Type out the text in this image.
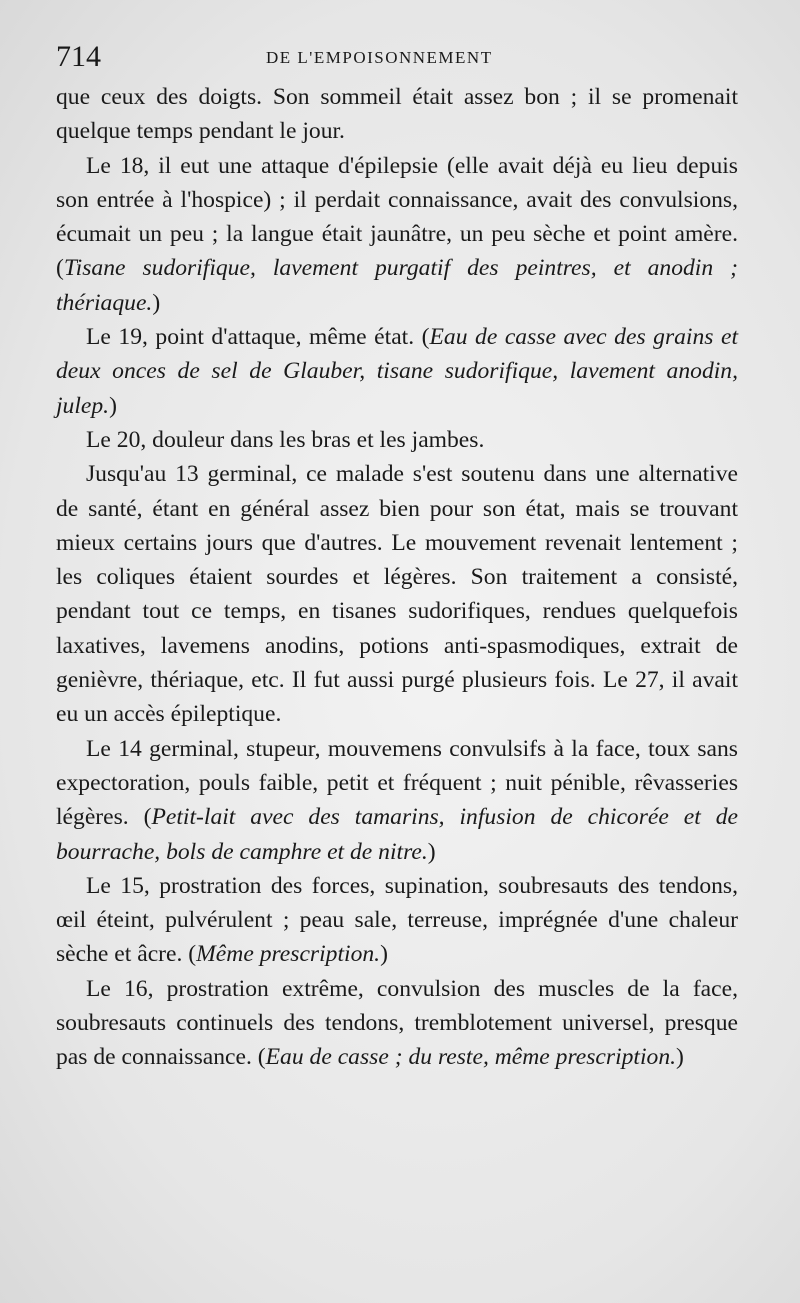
714	DE L'EMPOISONNEMENT

que ceux des doigts. Son sommeil était assez bon ; il se promenait quelque temps pendant le jour.

Le 18, il eut une attaque d'épilepsie (elle avait déjà eu lieu depuis son entrée à l'hospice) ; il perdait connaissance, avait des convulsions, écumait un peu ; la langue était jaunâtre, un peu sèche et point amère. (Tisane sudorifique, lavement purgatif des peintres, et anodin ; thériaque.)

Le 19, point d'attaque, même état. (Eau de casse avec des grains et deux onces de sel de Glauber, tisane sudorifique, lavement anodin, julep.)

Le 20, douleur dans les bras et les jambes.

Jusqu'au 13 germinal, ce malade s'est soutenu dans une alternative de santé, étant en général assez bien pour son état, mais se trouvant mieux certains jours que d'autres. Le mouvement revenait lentement ; les coliques étaient sourdes et légères. Son traitement a consisté, pendant tout ce temps, en tisanes sudorifiques, rendues quelquefois laxatives, lavemens anodins, potions anti-spasmodiques, extrait de genièvre, thériaque, etc. Il fut aussi purgé plusieurs fois. Le 27, il avait eu un accès épileptique.

Le 14 germinal, stupeur, mouvemens convulsifs à la face, toux sans expectoration, pouls faible, petit et fréquent ; nuit pénible, rêvasseries légères. (Petit-lait avec des tamarins, infusion de chicorée et de bourrache, bols de camphre et de nitre.)

Le 15, prostration des forces, supination, soubresauts des tendons, œil éteint, pulvérulent ; peau sale, terreuse, imprégnée d'une chaleur sèche et âcre. (Même prescription.)

Le 16, prostration extrême, convulsion des muscles de la face, soubresauts continuels des tendons, tremblotement universel, presque pas de connaissance. (Eau de casse ; du reste, même prescription.)
